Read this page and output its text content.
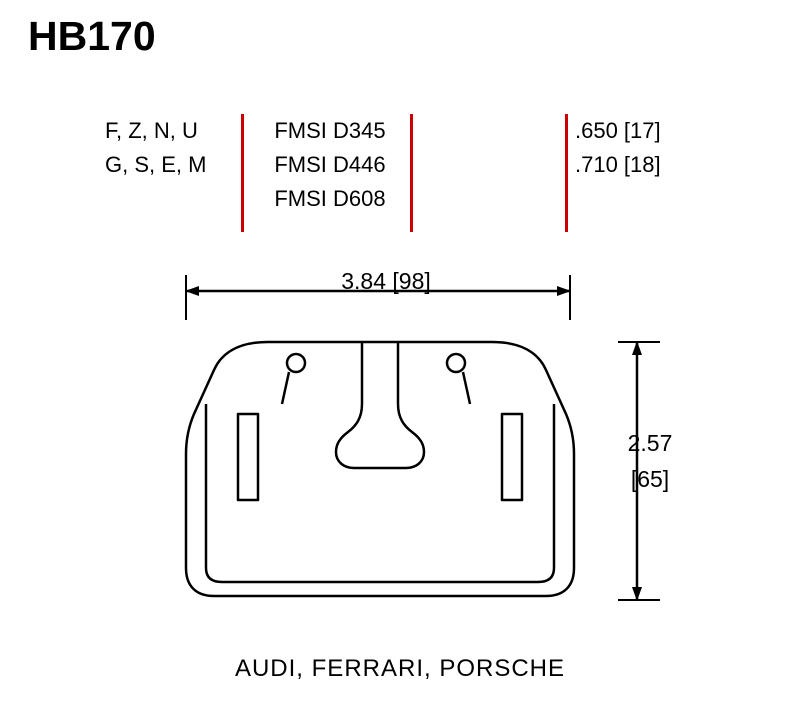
HB170
F, Z, N, U
G, S, E, M
FMSI D345
FMSI D446
FMSI D608
.650 [17]
.710 [18]
3.84 [98]
2.57
[65]
AUDI, FERRARI, PORSCHE
